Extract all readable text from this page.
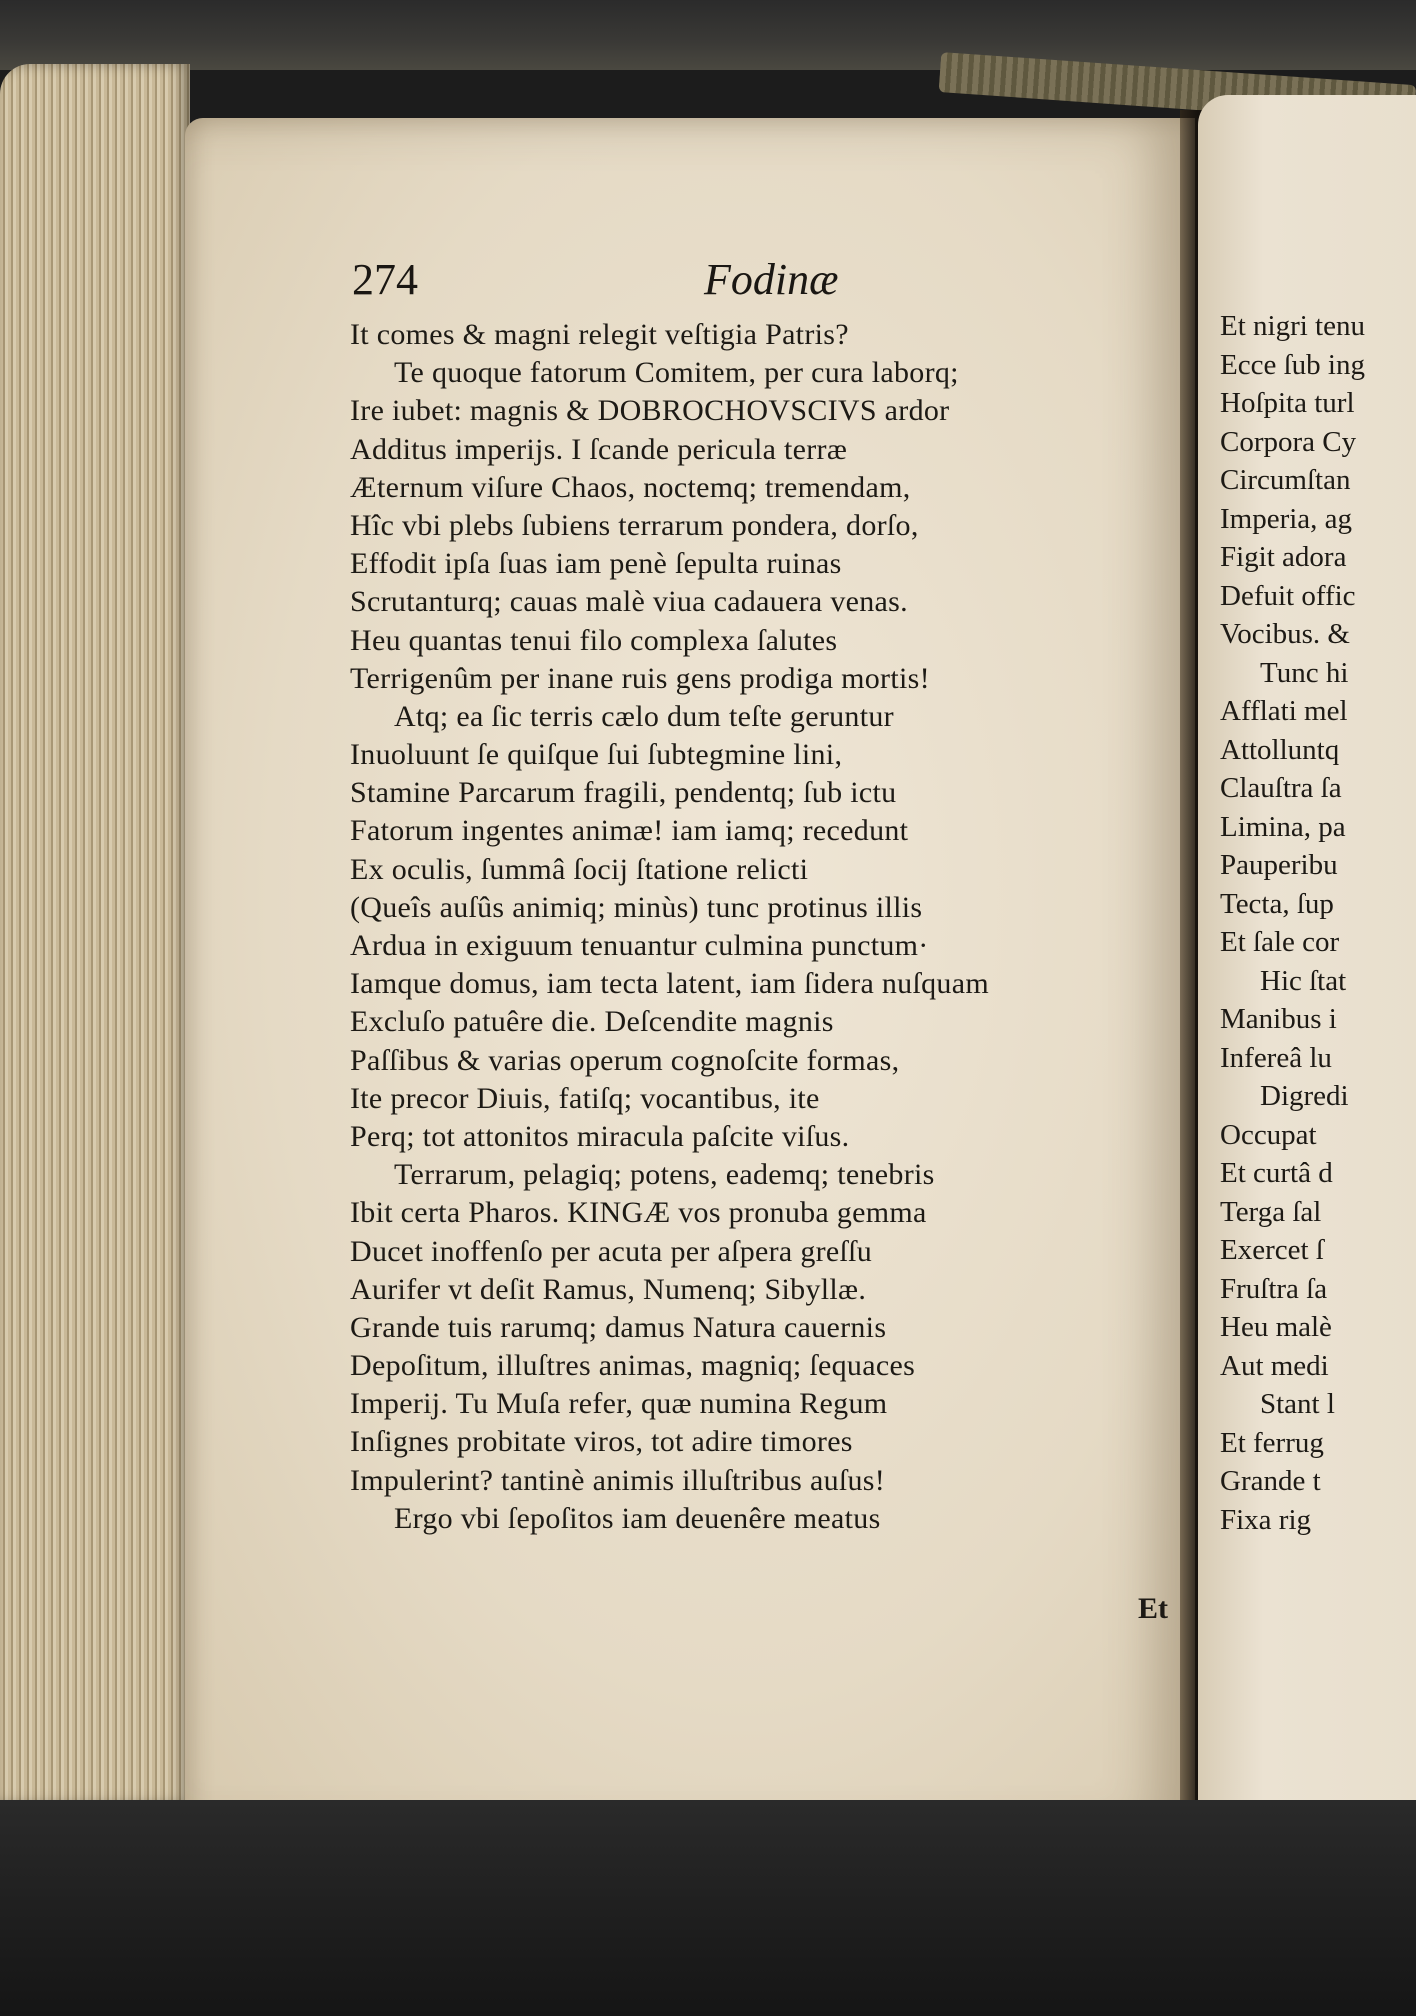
Et nigri tenu
Ecce ſub ing
Hoſpita turl
Corpora Cy
Circumſtan
Imperia, ag
Figit adora
Defuit offic
Vocibus. &
Tunc hi
Afflati mel
Attolluntq
Clauſtra ſa
Limina, pa
Pauperibu
Tecta, ſup
Et ſale cor
Hic ſtat
Manibus i
Infereâ lu
Digredi
Occupat
Et curtâ d
Terga ſal
Exercet ſ
Fruſtra ſa
Heu malè
Aut medi
Stant l
Et ferrug
Grande t
Fixa rig
274	Fodinæ
It comes & magni relegit veſtigia Patris?
Te quoque fatorum Comitem, per cura laborq;
Ire iubet: magnis & DOBROCHOVSCIVS ardor
Additus imperijs. I ſcande pericula terræ
Æternum viſure Chaos, noctemq; tremendam,
Hîc vbi plebs ſubiens terrarum pondera, dorſo,
Effodit ipſa ſuas iam penè ſepulta ruinas
Scrutanturq; cauas malè viua cadauera venas.
Heu quantas tenui filo complexa ſalutes
Terrigenûm per inane ruis gens prodiga mortis!
Atq; ea ſic terris cælo dum teſte geruntur
Inuoluunt ſe quiſque ſui ſubtegmine lini,
Stamine Parcarum fragili, pendentq; ſub ictu
Fatorum ingentes animæ! iam iamq; recedunt
Ex oculis, ſummâ ſocij ſtatione relicti
(Queîs auſûs animiq; minùs) tunc protinus illis
Ardua in exiguum tenuantur culmina punctum·
Iamque domus, iam tecta latent, iam ſidera nuſquam
Excluſo patuêre die. Deſcendite magnis
Paſſibus & varias operum cognoſcite formas,
Ite precor Diuis, fatiſq; vocantibus, ite
Perq; tot attonitos miracula paſcite viſus.
Terrarum, pelagiq; potens, eademq; tenebris
Ibit certa Pharos. KINGÆ vos pronuba gemma
Ducet inoffenſo per acuta per aſpera greſſu
Aurifer vt deſit Ramus, Numenq; Sibyllæ.
Grande tuis rarumq; damus Natura cauernis
Depoſitum, illuſtres animas, magniq; ſequaces
Imperij. Tu Muſa refer, quæ numina Regum
Inſignes probitate viros, tot adire timores
Impulerint? tantinè animis illuſtribus auſus!
Ergo vbi ſepoſitos iam deuenêre meatus
Et
